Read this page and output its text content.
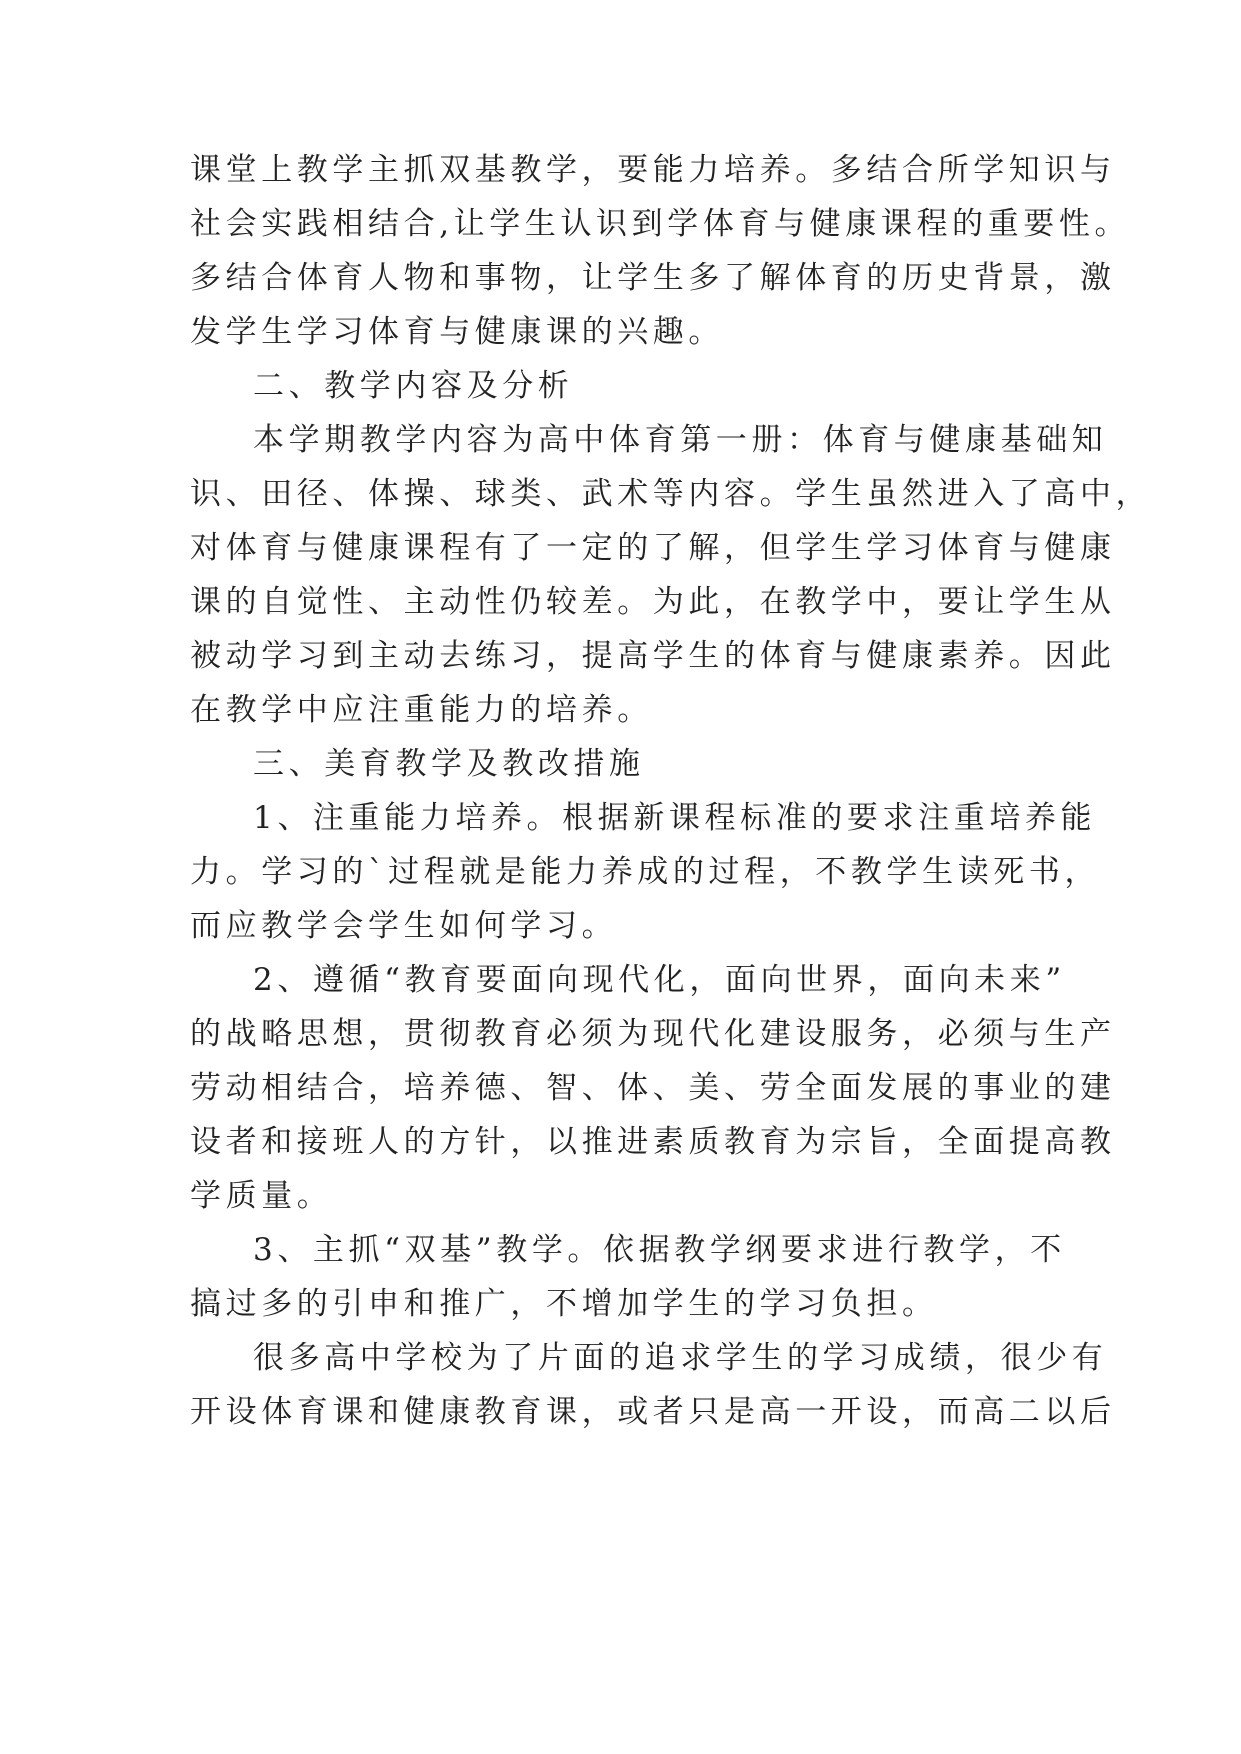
课堂上教学主抓双基教学，要能力培养。多结合所学知识与

社会实践相结合,让学生认识到学体育与健康课程的重要性。

多结合体育人物和事物，让学生多了解体育的历史背景，激

发学生学习体育与健康课的兴趣。

二、教学内容及分析

本学期教学内容为高中体育第一册：体育与健康基础知

识、田径、体操、球类、武术等内容。学生虽然进入了高中，

对体育与健康课程有了一定的了解，但学生学习体育与健康

课的自觉性、主动性仍较差。为此，在教学中，要让学生从

被动学习到主动去练习，提高学生的体育与健康素养。因此

在教学中应注重能力的培养。

三、美育教学及教改措施

1、注重能力培养。根据新课程标准的要求注重培养能

力。学习的`过程就是能力养成的过程，不教学生读死书，

而应教学会学生如何学习。

2、遵循“教育要面向现代化，面向世界，面向未来”

的战略思想，贯彻教育必须为现代化建设服务，必须与生产

劳动相结合，培养德、智、体、美、劳全面发展的事业的建

设者和接班人的方针，以推进素质教育为宗旨，全面提高教

学质量。

3、主抓“双基”教学。依据教学纲要求进行教学，不

搞过多的引申和推广，不增加学生的学习负担。

很多高中学校为了片面的追求学生的学习成绩，很少有

开设体育课和健康教育课，或者只是高一开设，而高二以后
